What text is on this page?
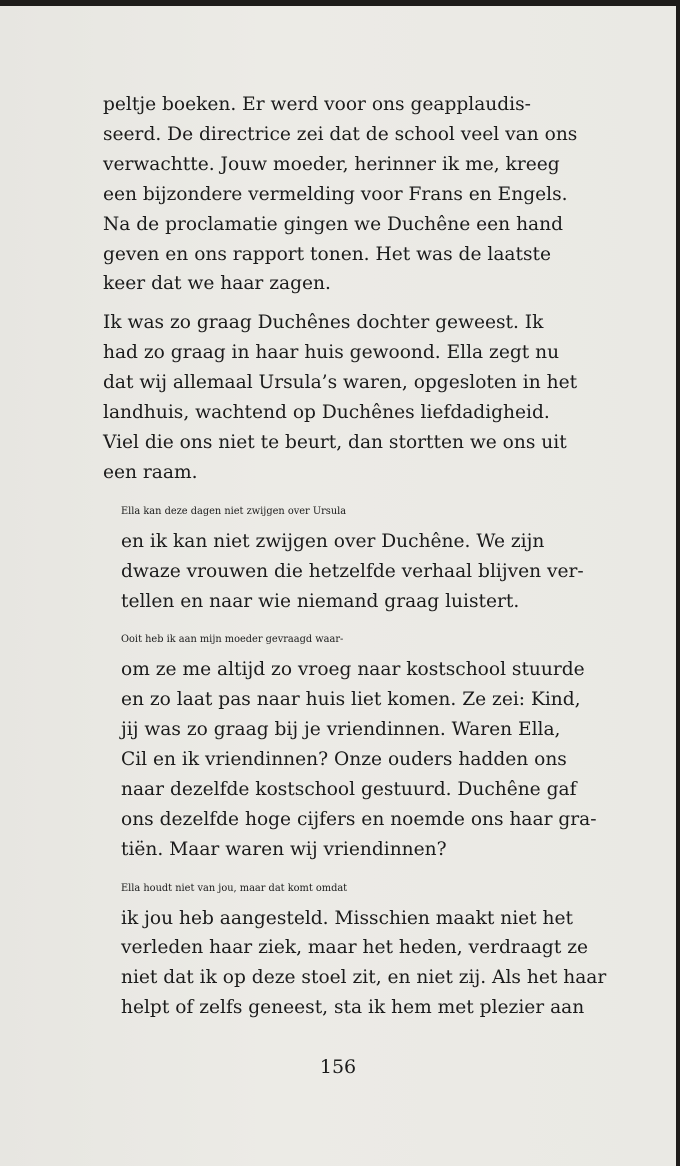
peltje boeken. Er werd voor ons geapplaudis-
seerd. De directrice zei dat de school veel van ons
verwachtte. Jouw moeder, herinner ik me, kreeg
een bijzondere vermelding voor Frans en Engels.
Na de proclamatie gingen we Duchêne een hand
geven en ons rapport tonen. Het was de laatste
keer dat we haar zagen.

Ik was zo graag Duchênes dochter geweest. Ik
had zo graag in haar huis gewoond. Ella zegt nu
dat wij allemaal Ursula’s waren, opgesloten in het
landhuis, wachtend op Duchênes liefdadigheid.
Viel die ons niet te beurt, dan stortten we ons uit
een raam.

Ella kan deze dagen niet zwijgen over Ursula
en ik kan niet zwijgen over Duchêne. We zijn
dwaze vrouwen die hetzelfde verhaal blijven ver-
tellen en naar wie niemand graag luistert.

Ooit heb ik aan mijn moeder gevraagd waar-
om ze me altijd zo vroeg naar kostschool stuurde
en zo laat pas naar huis liet komen. Ze zei: Kind,
jij was zo graag bij je vriendinnen. Waren Ella,
Cil en ik vriendinnen? Onze ouders hadden ons
naar dezelfde kostschool gestuurd. Duchêne gaf
ons dezelfde hoge cijfers en noemde ons haar gra-
tiën. Maar waren wij vriendinnen?

Ella houdt niet van jou, maar dat komt omdat
ik jou heb aangesteld. Misschien maakt niet het
verleden haar ziek, maar het heden, verdraagt ze
niet dat ik op deze stoel zit, en niet zij. Als het haar
helpt of zelfs geneest, sta ik hem met plezier aan

156
